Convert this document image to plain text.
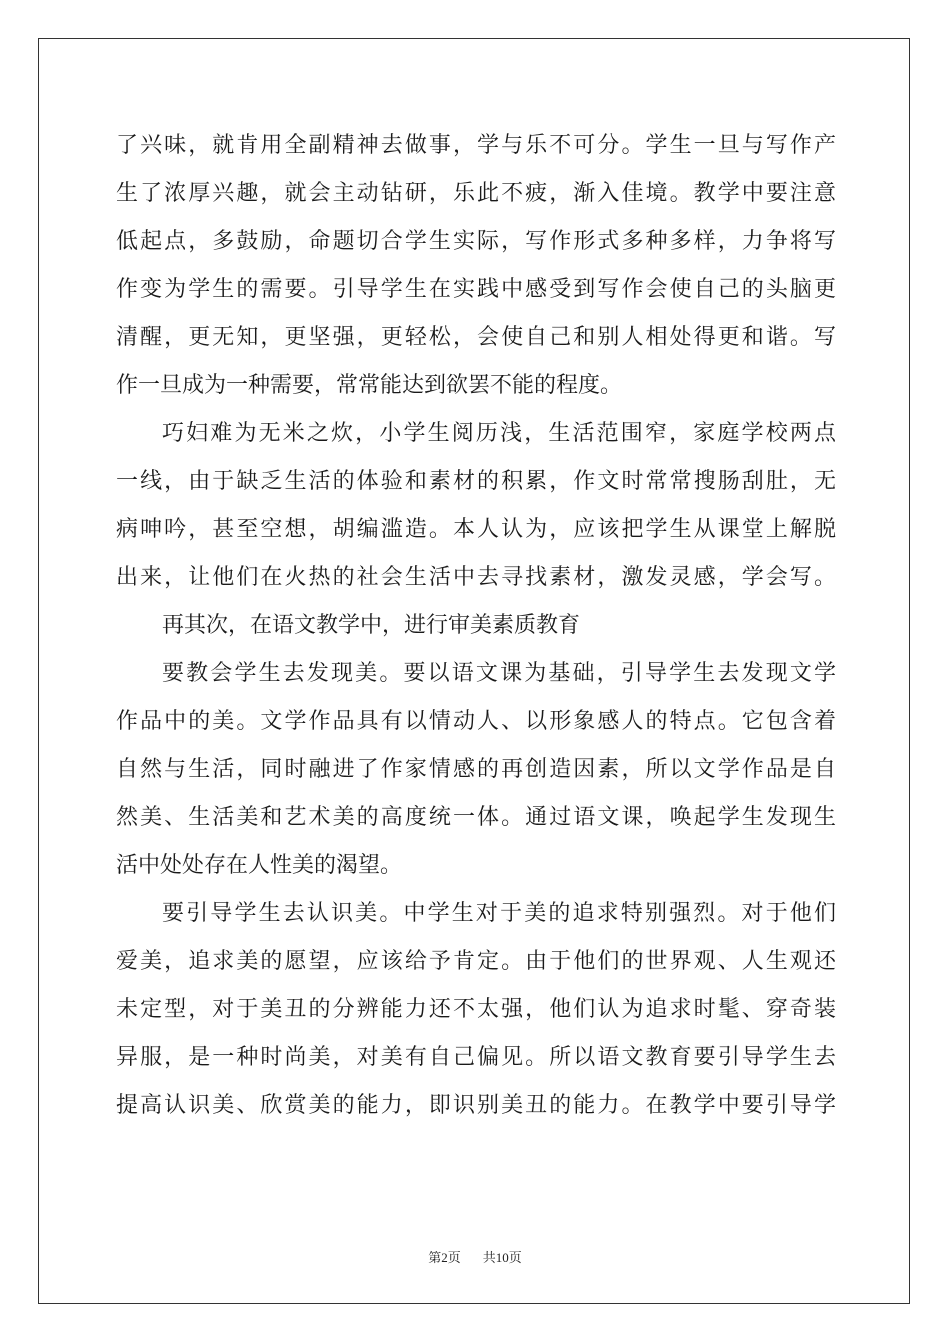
了兴味，就肯用全副精神去做事，学与乐不可分。学生一旦与写作产
生了浓厚兴趣，就会主动钻研，乐此不疲，渐入佳境。教学中要注意
低起点，多鼓励，命题切合学生实际，写作形式多种多样，力争将写
作变为学生的需要。引导学生在实践中感受到写作会使自己的头脑更
清醒，更无知，更坚强，更轻松，会使自己和别人相处得更和谐。写
作一旦成为一种需要，常常能达到欲罢不能的程度。
巧妇难为无米之炊，小学生阅历浅，生活范围窄，家庭学校两点
一线，由于缺乏生活的体验和素材的积累，作文时常常搜肠刮肚，无
病呻吟，甚至空想，胡编滥造。本人认为，应该把学生从课堂上解脱
出来，让他们在火热的社会生活中去寻找素材，激发灵感，学会写。
再其次，在语文教学中，进行审美素质教育
要教会学生去发现美。要以语文课为基础，引导学生去发现文学
作品中的美。文学作品具有以情动人、以形象感人的特点。它包含着
自然与生活，同时融进了作家情感的再创造因素，所以文学作品是自
然美、生活美和艺术美的高度统一体。通过语文课，唤起学生发现生
活中处处存在人性美的渴望。
要引导学生去认识美。中学生对于美的追求特别强烈。对于他们
爱美，追求美的愿望，应该给予肯定。由于他们的世界观、人生观还
未定型，对于美丑的分辨能力还不太强，他们认为追求时髦、穿奇装
异服，是一种时尚美，对美有自己偏见。所以语文教育要引导学生去
提高认识美、欣赏美的能力，即识别美丑的能力。在教学中要引导学
第2页 共10页
